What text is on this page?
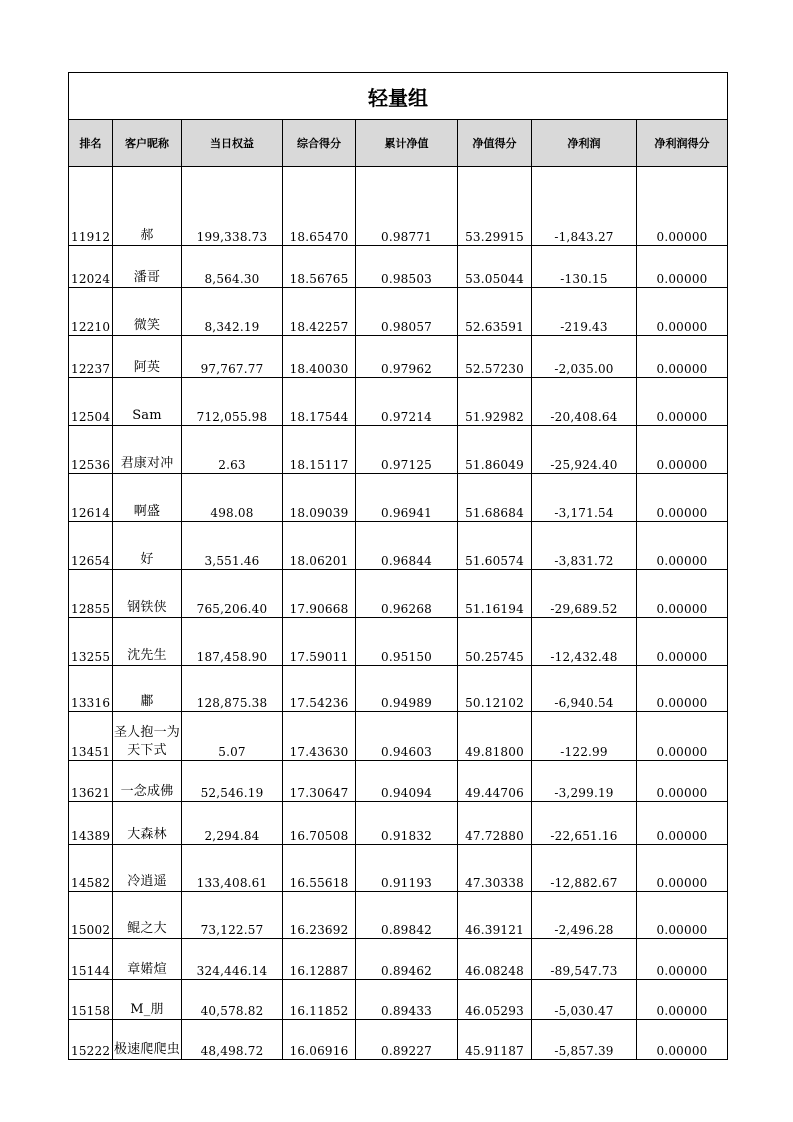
轻量组							
排名	客户昵称	当日权益	综合得分	累计净值	净值得分	净利润	净利润得分
11912	郝	199,338.73	18.65470	0.98771	53.29915	-1,843.27	0.00000
12024	潘哥	8,564.30	18.56765	0.98503	53.05044	-130.15	0.00000
12210	微笑	8,342.19	18.42257	0.98057	52.63591	-219.43	0.00000
12237	阿英	97,767.77	18.40030	0.97962	52.57230	-2,035.00	0.00000
12504	Sam	712,055.98	18.17544	0.97214	51.92982	-20,408.64	0.00000
12536	君康对冲	2.63	18.15117	0.97125	51.86049	-25,924.40	0.00000
12614	啊盛	498.08	18.09039	0.96941	51.68684	-3,171.54	0.00000
12654	好	3,551.46	18.06201	0.96844	51.60574	-3,831.72	0.00000
12855	钢铁侠	765,206.40	17.90668	0.96268	51.16194	-29,689.52	0.00000
13255	沈先生	187,458.90	17.59011	0.95150	50.25745	-12,432.48	0.00000
13316	鄘	128,875.38	17.54236	0.94989	50.12102	-6,940.54	0.00000
13451	圣人抱一为天下式	5.07	17.43630	0.94603	49.81800	-122.99	0.00000
13621	一念成佛	52,546.19	17.30647	0.94094	49.44706	-3,299.19	0.00000
14389	大森林	2,294.84	16.70508	0.91832	47.72880	-22,651.16	0.00000
14582	冷逍遥	133,408.61	16.55618	0.91193	47.30338	-12,882.67	0.00000
15002	鲲之大	73,122.57	16.23692	0.89842	46.39121	-2,496.28	0.00000
15144	章婼煊	324,446.14	16.12887	0.89462	46.08248	-89,547.73	0.00000
15158	M_朋	40,578.82	16.11852	0.89433	46.05293	-5,030.47	0.00000
15222	极速爬爬虫	48,498.72	16.06916	0.89227	45.91187	-5,857.39	0.00000
